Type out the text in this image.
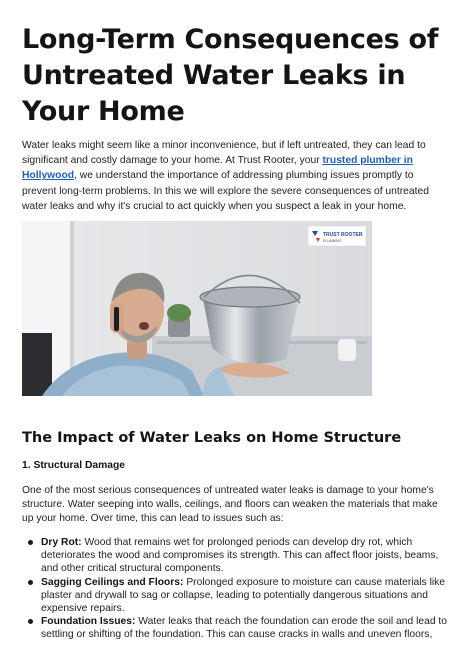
Long-Term Consequences of Untreated Water Leaks in Your Home

Water leaks might seem like a minor inconvenience, but if left untreated, they can lead to significant and costly damage to your home. At Trust Rooter, your trusted plumber in Hollywood, we understand the importance of addressing plumbing issues promptly to prevent long-term problems. In this we will explore the severe consequences of untreated water leaks and why it's crucial to act quickly when you suspect a leak in your home.

TRUST ROOTER
PLUMBING
The Impact of Water Leaks on Home Structure
1. Structural Damage

One of the most serious consequences of untreated water leaks is damage to your home's structure. Water seeping into walls, ceilings, and floors can weaken the materials that make up your home. Over time, this can lead to issues such as:

Dry Rot: Wood that remains wet for prolonged periods can develop dry rot, which deteriorates the wood and compromises its strength. This can affect floor joists, beams, and other critical structural components.
Sagging Ceilings and Floors: Prolonged exposure to moisture can cause materials like plaster and drywall to sag or collapse, leading to potentially dangerous situations and expensive repairs.
Foundation Issues: Water leaks that reach the foundation can erode the soil and lead to settling or shifting of the foundation. This can cause cracks in walls and uneven floors,
